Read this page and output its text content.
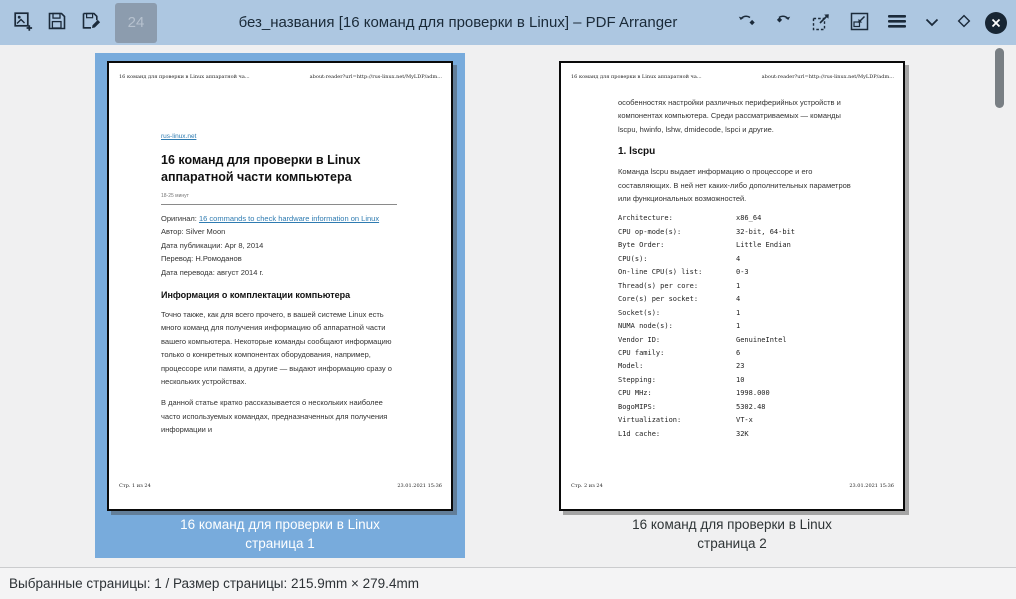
24	без_названия [16 команд для проверки в Linux] – PDF Arranger
16 команд для проверки в Linux аппаратной ча...	about:reader?url=http://rus-linux.net/MyLDP/adm...
rus-linux.net
16 команд для проверки в Linux аппаратной части компьютера
18-25 минут
Оригинал: 16 commands to check hardware information on Linux
Автор: Silver Moon
Дата публикации: Apr 8, 2014
Перевод: Н.Ромоданов
Дата перевода: август 2014 г.
Информация о комплектации компьютера
Точно также, как для всего прочего, в вашей системе Linux есть много команд для получения информацию об аппаратной части вашего компьютера. Некоторые команды сообщают информацию только о конкретных компонентах оборудования, например, процессоре или памяти, а другие — выдают информацию сразу о нескольких устройствах.
В данной статье кратко рассказывается о нескольких наиболее часто используемых командах, предназначенных для получения информации и
Стр. 1 из 24	23.01.2021 15:36
16 команд для проверки в Linux
страница 1
16 команд для проверки в Linux аппаратной ча...	about:reader?url=http://rus-linux.net/MyLDP/adm...
особенностях настройки различных периферийных устройств и компонентах компьютера. Среди рассматриваемых — команды lscpu, hwinfo, lshw, dmidecode, lspci и другие.
1. lscpu
Команда lscpu выдает информацию о процессоре и его составляющих. В ней нет каких-либо дополнительных параметров или функциональных возможностей.
Architecture:	x86_64
CPU op-mode(s):	32-bit, 64-bit
Byte Order:	Little Endian
CPU(s):	4
On-line CPU(s) list:	0-3
Thread(s) per core:	1
Core(s) per socket:	4
Socket(s):	1
NUMA node(s):	1
Vendor ID:	GenuineIntel
CPU family:	6
Model:	23
Stepping:	10
CPU MHz:	1998.000
BogoMIPS:	5302.48
Virtualization:	VT-x
L1d cache:	32K
Стр. 2 из 24	23.01.2021 15:36
16 команд для проверки в Linux
страница 2
Выбранные страницы: 1 / Размер страницы: 215.9mm × 279.4mm
